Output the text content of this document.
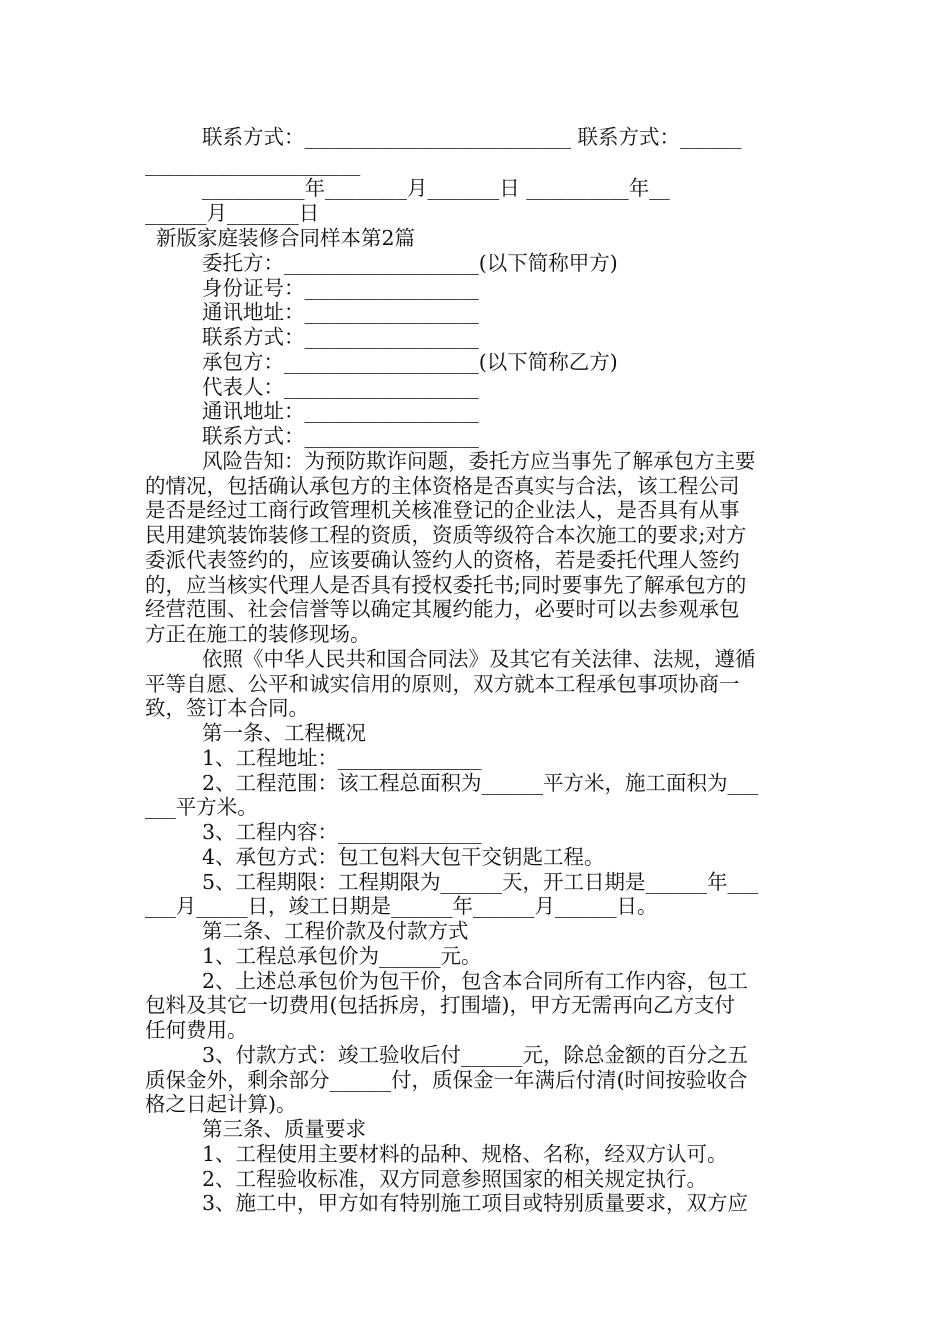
联系方式：__________________________ 联系方式：______
_____________________
__________年________月_______日 __________年__
______月_______日
新版家庭装修合同样本第2篇
委托方：___________________(以下简称甲方)
身份证号：_________________
通讯地址：_________________
联系方式：_________________
承包方：___________________(以下简称乙方)
代表人：___________________
通讯地址：_________________
联系方式：_________________
风险告知：为预防欺诈问题，委托方应当事先了解承包方主要
的情况，包括确认承包方的主体资格是否真实与合法，该工程公司
是否是经过工商行政管理机关核准登记的企业法人，是否具有从事
民用建筑装饰装修工程的资质，资质等级符合本次施工的要求;对方
委派代表签约的，应该要确认签约人的资格，若是委托代理人签约
的，应当核实代理人是否具有授权委托书;同时要事先了解承包方的
经营范围、社会信誉等以确定其履约能力，必要时可以去参观承包
方正在施工的装修现场。
依照《中华人民共和国合同法》及其它有关法律、法规，遵循
平等自愿、公平和诚实信用的原则，双方就本工程承包事项协商一
致，签订本合同。
第一条、工程概况
1、工程地址：______________
2、工程范围：该工程总面积为______平方米，施工面积为___
___平方米。
3、工程内容：______________
4、承包方式：包工包料大包干交钥匙工程。
5、工程期限：工程期限为______天，开工日期是______年___
___月_____日，竣工日期是______年______月______日。
第二条、工程价款及付款方式
1、工程总承包价为______元。
2、上述总承包价为包干价，包含本合同所有工作内容，包工
包料及其它一切费用(包括拆房，打围墙)，甲方无需再向乙方支付
任何费用。
3、付款方式：竣工验收后付______元，除总金额的百分之五
质保金外，剩余部分______付，质保金一年满后付清(时间按验收合
格之日起计算)。
第三条、质量要求
1、工程使用主要材料的品种、规格、名称，经双方认可。
2、工程验收标准，双方同意参照国家的相关规定执行。
3、施工中，甲方如有特别施工项目或特别质量要求，双方应
